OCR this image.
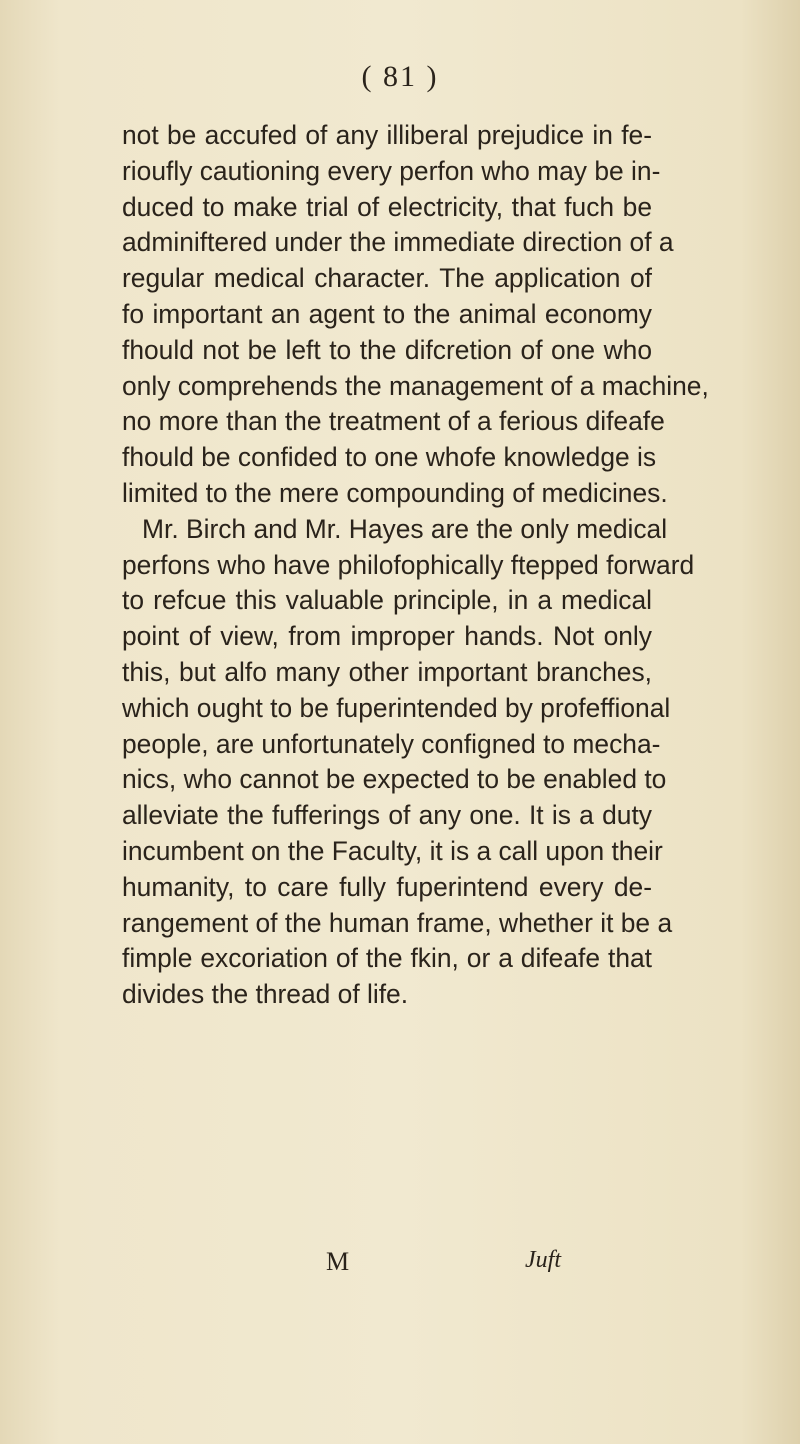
( 81 )
not be accufed of any illiberal prejudice in fe-
rioufly cautioning every perfon who may be in-
duced to make trial of electricity, that fuch be
adminiftered under the immediate direction of a
regular medical character. The application of
fo important an agent to the animal economy
fhould not be left to the difcretion of one who
only comprehends the management of a machine,
no more than the treatment of a ferious difeafe
fhould be confided to one whofe knowledge is
limited to the mere compounding of medicines.
Mr. Birch and Mr. Hayes are the only medical
perfons who have philofophically ftepped forward
to refcue this valuable principle, in a medical
point of view, from improper hands. Not only
this, but alfo many other important branches,
which ought to be fuperintended by profeffional
people, are unfortunately configned to mecha-
nics, who cannot be expected to be enabled to
alleviate the fufferings of any one. It is a duty
incumbent on the Faculty, it is a call upon their
humanity, to care fully fuperintend every de-
rangement of the human frame, whether it be a
fimple excoriation of the fkin, or a difeafe that
divides the thread of life.
M	Juft
